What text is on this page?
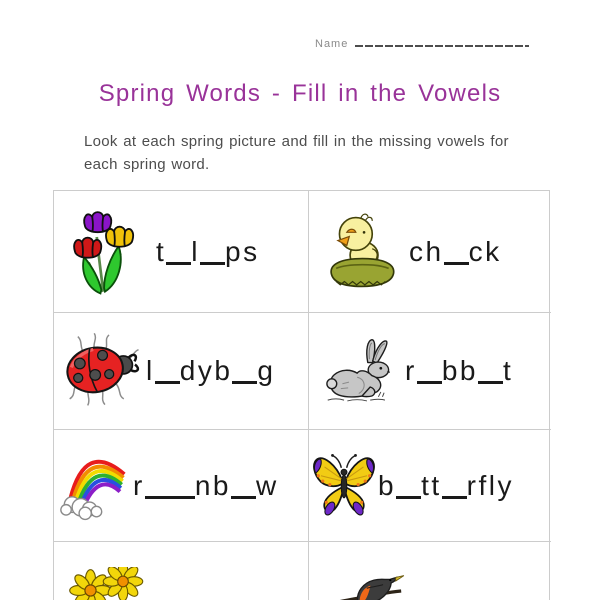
Name
Spring Words - Fill in the Vowels
Look at each spring picture and fill in the missing vowels for each spring word.
t l ps	ch ck
l dyb g	r bb t
r nb w	b tt rfly
